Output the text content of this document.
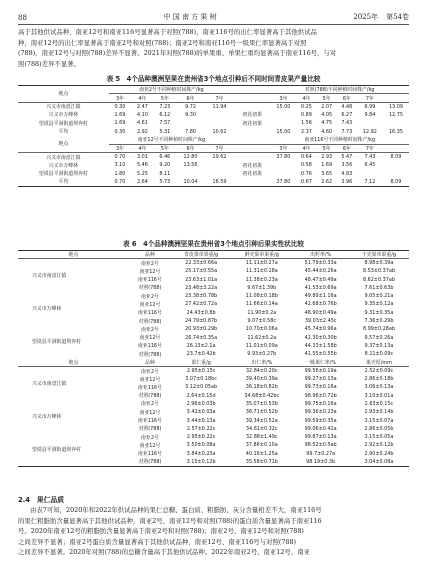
88	中 国 南 方 果 树	2025年 第54卷
高于其他供试品种，南亚12号和南亚116号显著高于对照(788)，南亚116号的出仁率显著高于其他供试品
种，南亚12号的出仁率显著高于南亚2号和对照(788)；南亚2号和南亚116号一级果仁率显著高于对照
(788)，南亚12号与对照(788)差异不显著。2021年对照(788)的单果重、单果仁重均显著高于南亚116号，与对
照(788)差异不显著。
表 5　4个品种澳洲坚果在贵州省3个地点引种后不同时间青皮果产量比较
地点	南亚2号不同种植时间株产/kg						对照(788)不同种植时间株产/kg					
	3年	4年	5年	6年	7年		3年	4年	5年	6年	7年	
兴义市南盘江镇	0.30	2.47	7.23	9.72	11.94		15.00	0.25	2.07	4.48	6.99	13.09
兴义市万峰林	1.69	4.10	6.12	9.30		初花初果		0.89	4.05	6.27	9.84	12.75
望谟县平洞街道坝奔村	1.69	4.61	7.57			初花初果		1.56	4.75	7.43		
平均	0.30	2.92	5.31	7.80	10.62		15.00	2.37	4.60	7.73	12.92	16.35
地点	南亚12号不同种植时间株产/kg						南亚116号不同种植时间株产/kg					
	3年	4年	5年	6年	7年		3年	4年	5年	6年	7年	
兴义市南盘江镇	0.70	3.01	6.46	12.80	19.62		37.80	0.64	2.93	5.47	7.43	8.09
兴义市万峰林	3.10	5.46	9.20	13.56		初花初果		0.58	1.69	3.56	6.45	
望谟县平洞街道坝奔村	1.80	5.25	8.11			初花初果		0.76	3.65	4.83		
平均	0.70	2.64	5.73	10.04	16.59		37.80	0.67	2.62	3.96	7.12	8.09
表 6　4个品种澳洲坚果在贵州省3个地点引种后果实性状比较
地点	品种	青皮果单果重/g	鲜壳果单果重/g	出籽率/%	干壳果单果重/g
兴义市南盘江镇	南亚2号	22.33±0.66a	11.11±0.27a	51.79±0.33a	8.98±0.39a
	南亚12号	25.17±0.55a	11.31±0.18a	45.44±0.26a	8.53±0.37ab
	南亚116号	23.63±1.01a	11.38±0.23a	48.47±0.49a	8.62±0.37ab
	对照(788)	23.48±3.22a	9.67±1.39b	41.53±0.69a	7.61±0.63b
兴义市万峰林	南亚2号	23.38±0.78b	11.08±0.18b	49.89±1.16a	9.05±0.21a
	南亚12号	27.42±0.72a	11.66±0.14a	42.68±0.76b	9.35±0.12a
	南亚116号	24.43±0.8b	11.90±0.2a	48.90±0.49a	9.31±0.35a
	对照(788)	24.79±0.87b	9.07±0.58c	39.03±2.45c	7.36±0.29b
望谟县平洞街道坝奔村	南亚2号	20.93±0.29b	10.70±0.06a	45.74±0.96a	8.99±0.28ab
	南亚12号	26.74±0.35a	11.62±0.2a	42.30±0.30b	9.57±0.26a
	南亚116号	26.13±2.1a	11.01±0.09a	44.33±1.58b	9.37±0.13a
	对照(788)	23.7±0.42b	9.93±0.27b	41.55±0.55b	8.11±0.09c
地点	品种	果仁重/g	出仁率/%	一级果仁率/%	果壳厚/mm
兴义市南盘江镇	南亚2号	2.95±0.15c	32.84±0.20c	99.56±0.19a	2.52±0.09c
	南亚12号	3.07±0.18bc	39.40±0.39a	99.27±0.13a	2.86±0.18b
	南亚116号	3.12±0.05ab	36.18±0.82b	99.73±0.16a	3.06±0.13a
	对照(788)	2.64±0.15d	34.68±0.42bc	98.96±0.72b	3.10±0.01a
兴义市万峰林	南亚2号	2.96±0.03b	35.07±0.53b	99.75±0.16a	2.63±0.15c
	南亚12号	3.42±0.03a	36.71±0.52b	99.36±0.23a	2.93±0.14b
	南亚116号	3.44±0.13a	39.34±0.52a	99.59±0.35a	3.15±0.07a
	对照(788)	2.57±0.22c	34.61±0.32c	99.06±0.42a	2.86±0.05b
望谟县平洞街道坝奔村	南亚2号	2.95±0.22c	32.88±1.49c	99.87±0.13a	3.15±0.05a
	南亚12号	3.50±0.08a	37.86±0.10a	98.52±0.5ab	2.92±0.12b
	南亚116号	3.84±0.23a	40.16±1.25a	99.7±0.27a	2.90±0.24b
	对照(788)	3.15±0.12b	35.58±0.71b	98.19±0.3b	3.04±0.08a
2.4　果仁品质
由表7可知，2020年和2022年供试品种的果仁总糖、蛋白质、粗脂肪、灰分含量相差不大，南亚116号
的果仁粗脂肪含量显著高于其他供试品种，南亚2号、南亚12号和对照(788)的蛋白质含量显著高于南亚116
号。2020年南亚12号的粗脂肪含量显著高于南亚2号和对照(788)；南亚2号、南亚12号和对照(788)
之间差异不显著；南亚2号蛋白质含量显著高于其他供试品种，南亚12号、南亚116号与对照(788)
之间差异不显著。2020年对照(788)的总糖含量高于其他供试品种。2022年南亚2号、南亚12号、南亚
